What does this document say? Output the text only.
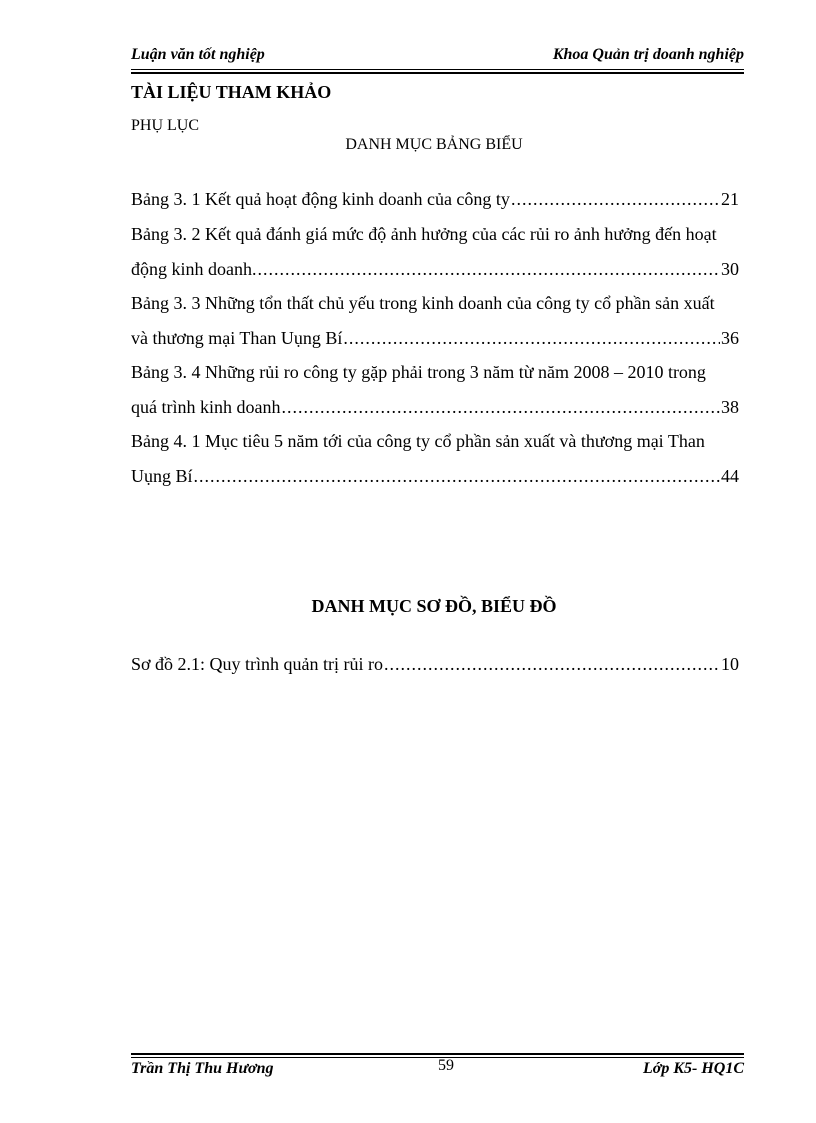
Luận văn tốt nghiệp	Khoa Quản trị doanh nghiệp
TÀI LIỆU THAM KHẢO
PHỤ LỤC
DANH MỤC BẢNG BIỂU
Bảng 3. 1 Kết quả hoạt động kinh doanh của công ty .....	21
Bảng 3. 2 Kết quả đánh giá mức độ ảnh hưởng của các rủi ro ảnh hưởng đến hoạt
động kinh doanh. .....	30
Bảng 3. 3 Những tổn thất chủ yếu trong kinh doanh của công ty cổ phần sản xuất
và thương mại Than Uụng Bí .....	36
Bảng 3. 4 Những rủi ro công ty gặp phải trong 3 năm từ năm 2008 – 2010 trong
quá trình kinh doanh .....	38
Bảng 4. 1 Mục tiêu 5 năm tới của công ty cổ phần sản xuất và thương mại Than
Uụng Bí .....	44
DANH MỤC SƠ ĐỒ, BIỂU ĐỒ
Sơ đồ 2.1: Quy trình quản trị rủi ro .....	10
Trần Thị Thu Hương	59	Lớp K5- HQ1C
